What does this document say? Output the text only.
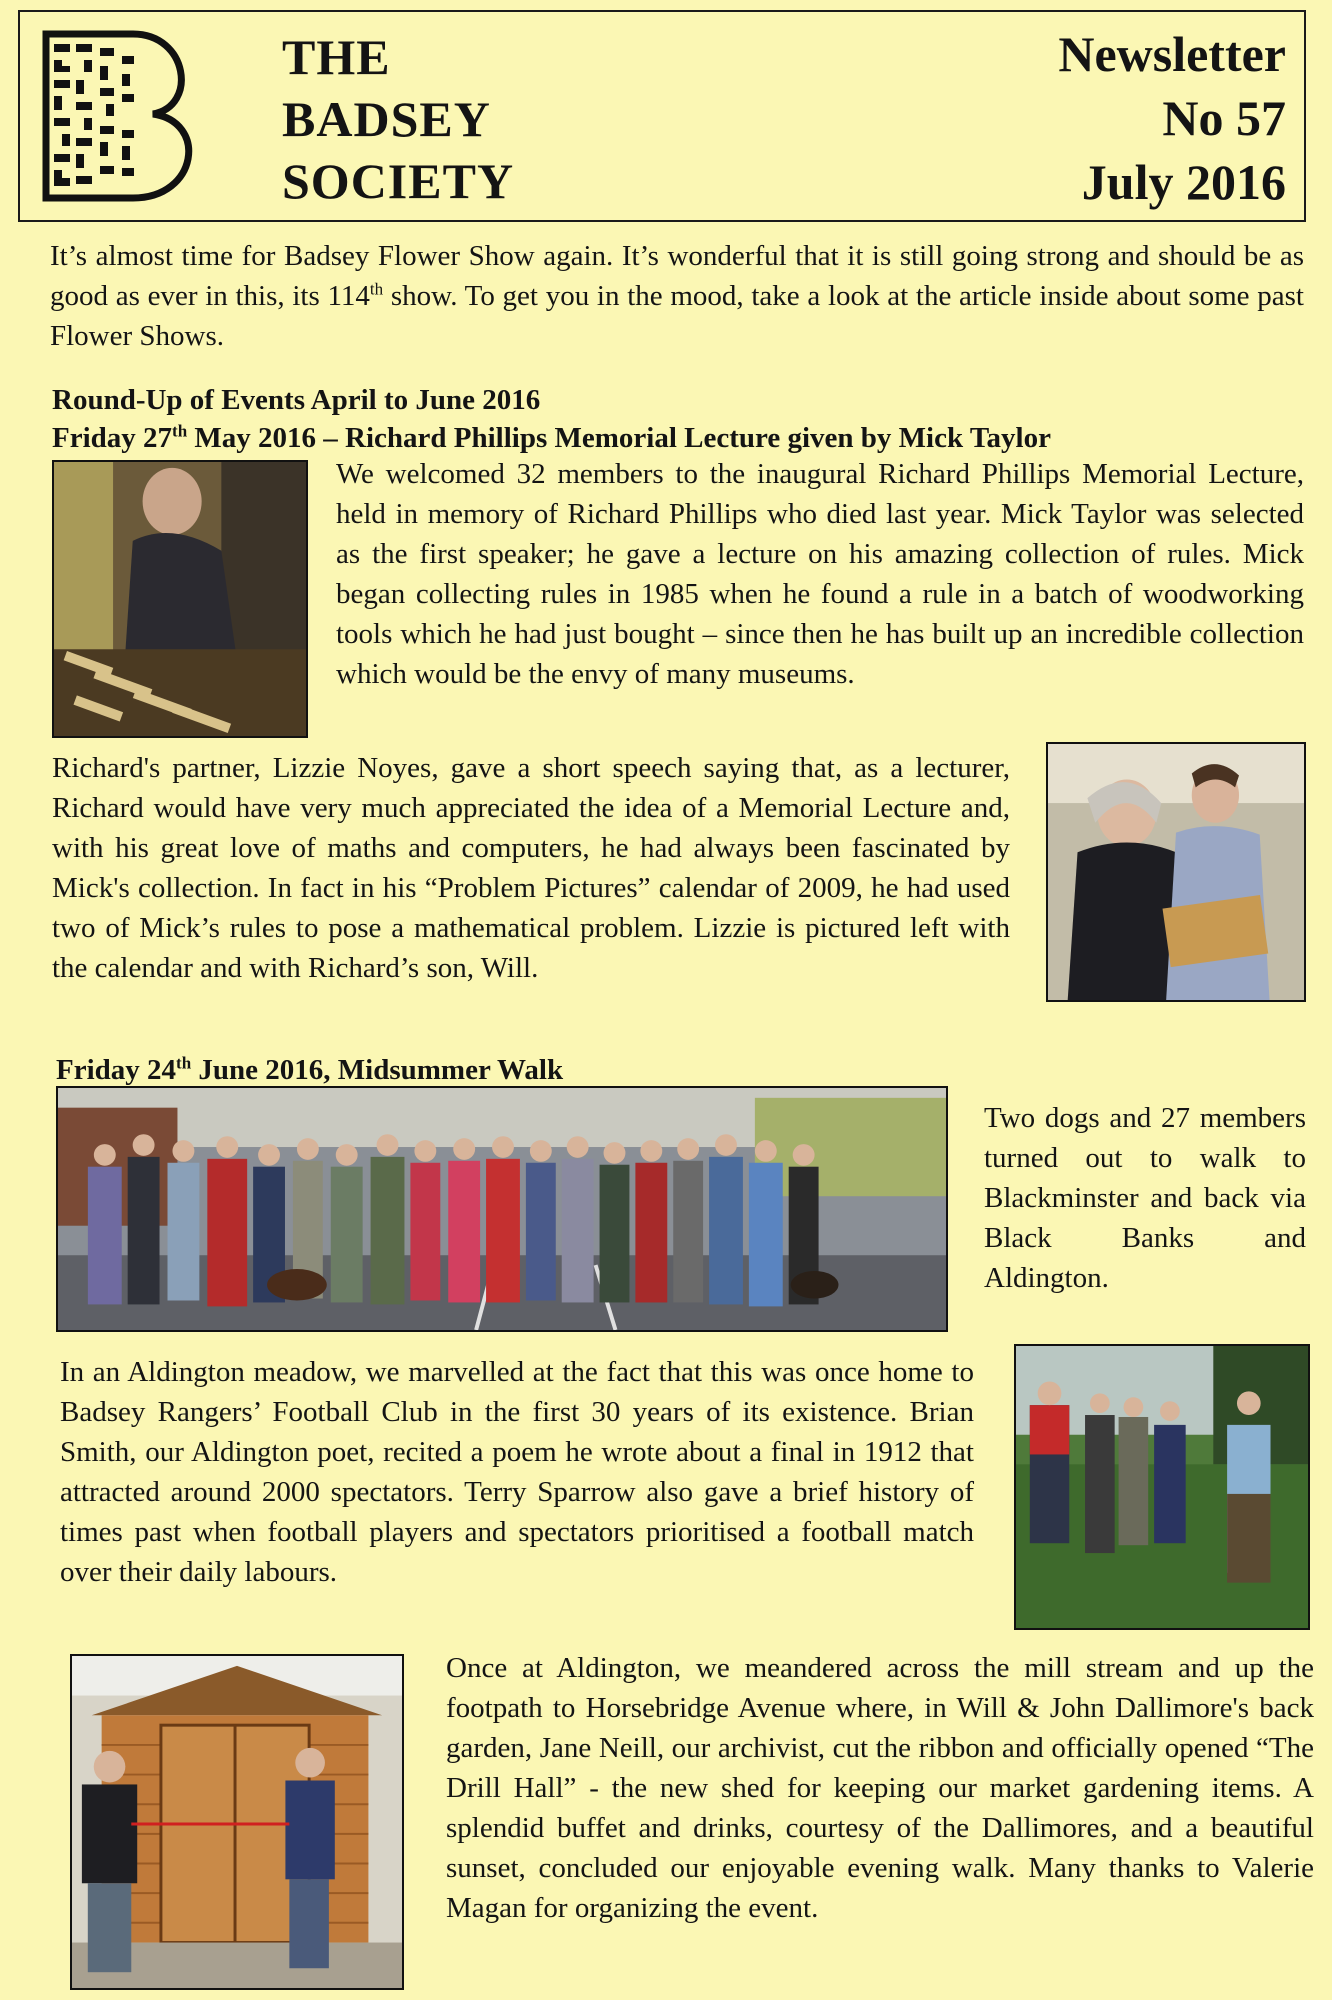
THE
BADSEY
SOCIETY
Newsletter
No 57
July 2016
It’s almost time for Badsey Flower Show again. It’s wonderful that it is still going strong and should be as good as ever in this, its 114th show. To get you in the mood, take a look at the article inside about some past Flower Shows.
Round-Up of Events April to June 2016
Friday 27th May 2016 – Richard Phillips Memorial Lecture given by Mick Taylor
We welcomed 32 members to the inaugural Richard Phillips Memorial Lecture, held in memory of Richard Phillips who died last year. Mick Taylor was selected as the first speaker; he gave a lecture on his amazing collection of rules. Mick began collecting rules in 1985 when he found a rule in a batch of woodworking tools which he had just bought – since then he has built up an incredible collection which would be the envy of many museums.
Richard's partner, Lizzie Noyes, gave a short speech saying that, as a lecturer, Richard would have very much appreciated the idea of a Memorial Lecture and, with his great love of maths and computers, he had always been fascinated by Mick's collection. In fact in his “Problem Pictures” calendar of 2009, he had used two of Mick’s rules to pose a mathematical problem. Lizzie is pictured left with the calendar and with Richard’s son, Will.
Friday 24th June 2016, Midsummer Walk
Two dogs and 27 members turned out to walk to Blackminster and back via Black Banks and Aldington.
In an Aldington meadow, we marvelled at the fact that this was once home to Badsey Rangers’ Football Club in the first 30 years of its existence. Brian Smith, our Aldington poet, recited a poem he wrote about a final in 1912 that attracted around 2000 spectators. Terry Sparrow also gave a brief history of times past when football players and spectators prioritised a football match over their daily labours.
Once at Aldington, we meandered across the mill stream and up the footpath to Horsebridge Avenue where, in Will & John Dallimore's back garden, Jane Neill, our archivist, cut the ribbon and officially opened “The Drill Hall” - the new shed for keeping our market gardening items. A splendid buffet and drinks, courtesy of the Dallimores, and a beautiful sunset, concluded our enjoyable evening walk. Many thanks to Valerie Magan for organizing the event.
